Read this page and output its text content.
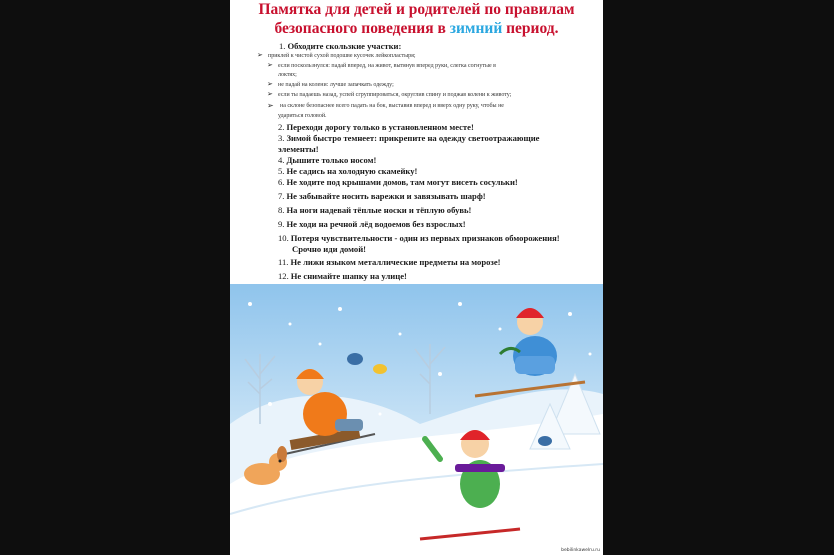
Памятка для детей и родителей по правилам
безопасного поведения в зимний период.
1. Обходите скользкие участки:
➢ приклей к чистой сухой подошве кусочек лейкопластыря;
➢ если поскользнулся: падай вперед, на живот, вытянув вперед руки, слегка согнутые в
локтях;
➢ не падай на колени: лучше запачкать одежду;
➢ если ты падаешь назад, успей сгруппироваться, округлив спину и поджав колени к животу;
➢ на склоне безопаснее всего падать на бок, выставив вперед и вверх одну руку, чтобы не
удариться головой.
2. Переходи дорогу только в установленном месте!
3. Зимой быстро темнеет: прикрепите на одежду светоотражающие
элементы!
4. Дышите только носом!
5. Не садись на холодную скамейку!
6. Не ходите под крышами домов, там могут висеть сосульки!
7. Не забывайте носить варежки и завязывать шарф!
8. На ноги надевай тёплые носки и тёплую обувь!
9. Не ходи на речной лёд водоемов без взрослых!
10. Потеря чувствительности - один из первых признаков обморожения!
Срочно иди домой!
11. Не лижи языком металлические предметы на морозе!
12. Не снимайте шапку на улице!
bebilinkawelru.ru
